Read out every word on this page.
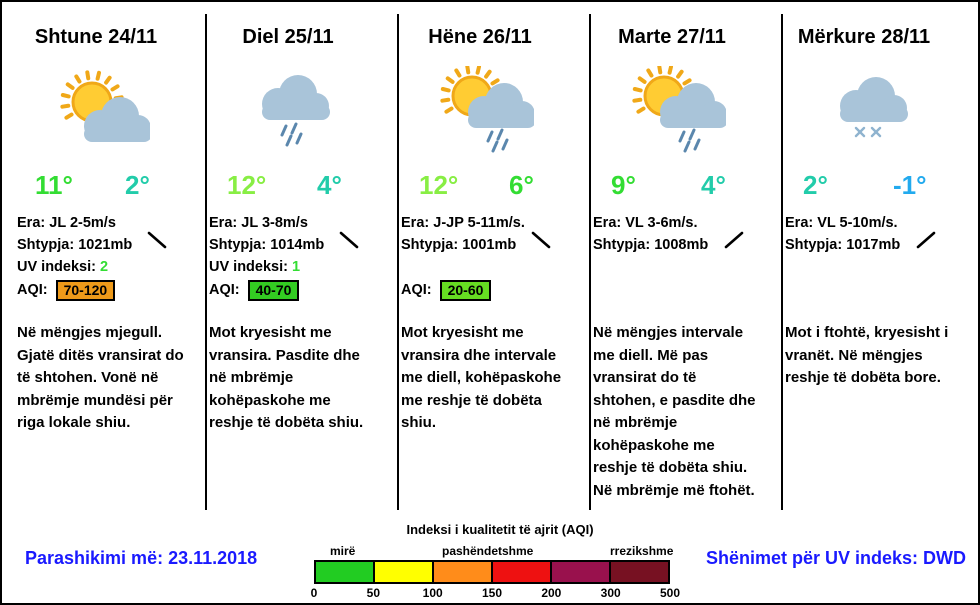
Shtune 24/11
11° 2°
Era: JL 2-5m/s
Shtypja: 1021mb
UV indeksi: 2
AQI:	70-120
Në mëngjes mjegull. Gjatë ditës vransirat do të shtohen. Vonë në mbrëmje mundësi për riga lokale shiu.
Diel 25/11
12° 4°
Era: JL 3-8m/s
Shtypja: 1014mb
UV indeksi: 1
AQI:	40-70
Mot kryesisht me vransira. Pasdite dhe në mbrëmje kohëpaskohe me reshje të dobëta shiu.
Hëne 26/11
12° 6°
Era: J-JP 5-11m/s.
Shtypja: 1001mb
AQI:	20-60
Mot kryesisht me vransira dhe intervale me diell, kohëpaskohe me reshje të dobëta shiu.
Marte 27/11
9°	4°
Era: VL 3-6m/s.
Shtypja: 1008mb
Në mëngjes intervale me diell. Më pas vransirat do të shtohen, e pasdite dhe në mbrëmje kohëpaskohe me reshje të dobëta shiu. Në mbrëmje më ftohët.
Mërkure 28/11
2°	-1°
Era: VL 5-10m/s.
Shtypja: 1017mb
Mot i ftohtë, kryesisht i vranët. Në mëngjes reshje të dobëta bore.
Parashikimi më: 23.11.2018	Shënimet për UV indeks: DWD
Indeksi i kualitetit të ajrit (AQI)
mirë	pashëndetshme	rrezikshme
0	50	100	150	200	300	500
